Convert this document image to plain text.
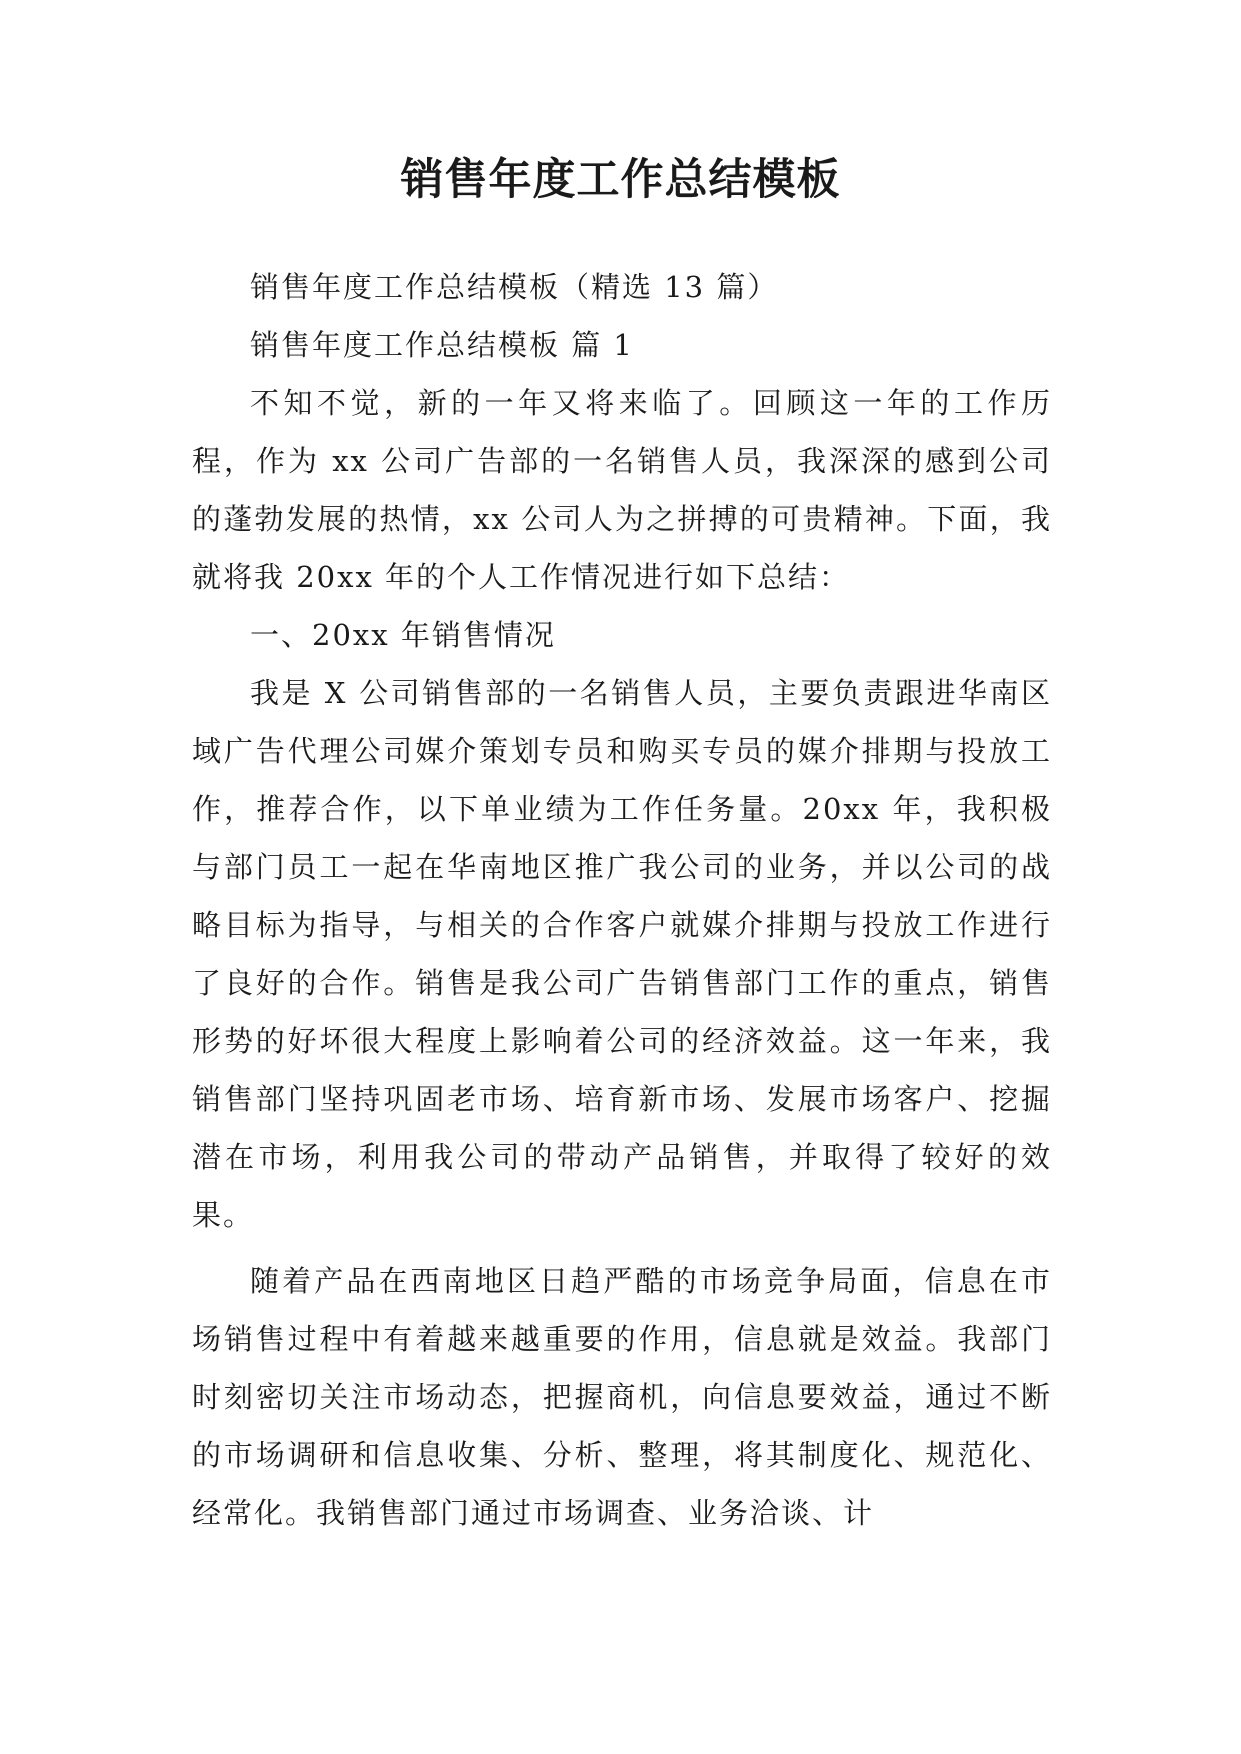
销售年度工作总结模板

销售年度工作总结模板（精选 13 篇）

销售年度工作总结模板 篇 1

不知不觉，新的一年又将来临了。回顾这一年的工作历程，作为 xx 公司广告部的一名销售人员，我深深的感到公司的蓬勃发展的热情，xx 公司人为之拼搏的可贵精神。下面，我就将我 20xx 年的个人工作情况进行如下总结：

一、20xx 年销售情况

我是 X 公司销售部的一名销售人员，主要负责跟进华南区域广告代理公司媒介策划专员和购买专员的媒介排期与投放工作，推荐合作，以下单业绩为工作任务量。20xx 年，我积极与部门员工一起在华南地区推广我公司的业务，并以公司的战略目标为指导，与相关的合作客户就媒介排期与投放工作进行了良好的合作。销售是我公司广告销售部门工作的重点，销售形势的好坏很大程度上影响着公司的经济效益。这一年来，我销售部门坚持巩固老市场、培育新市场、发展市场客户、挖掘潜在市场，利用我公司的带动产品销售，并取得了较好的效果。

随着产品在西南地区日趋严酷的市场竞争局面，信息在市场销售过程中有着越来越重要的作用，信息就是效益。我部门时刻密切关注市场动态，把握商机，向信息要效益，通过不断的市场调研和信息收集、分析、整理，将其制度化、规范化、经常化。我销售部门通过市场调查、业务洽谈、计
